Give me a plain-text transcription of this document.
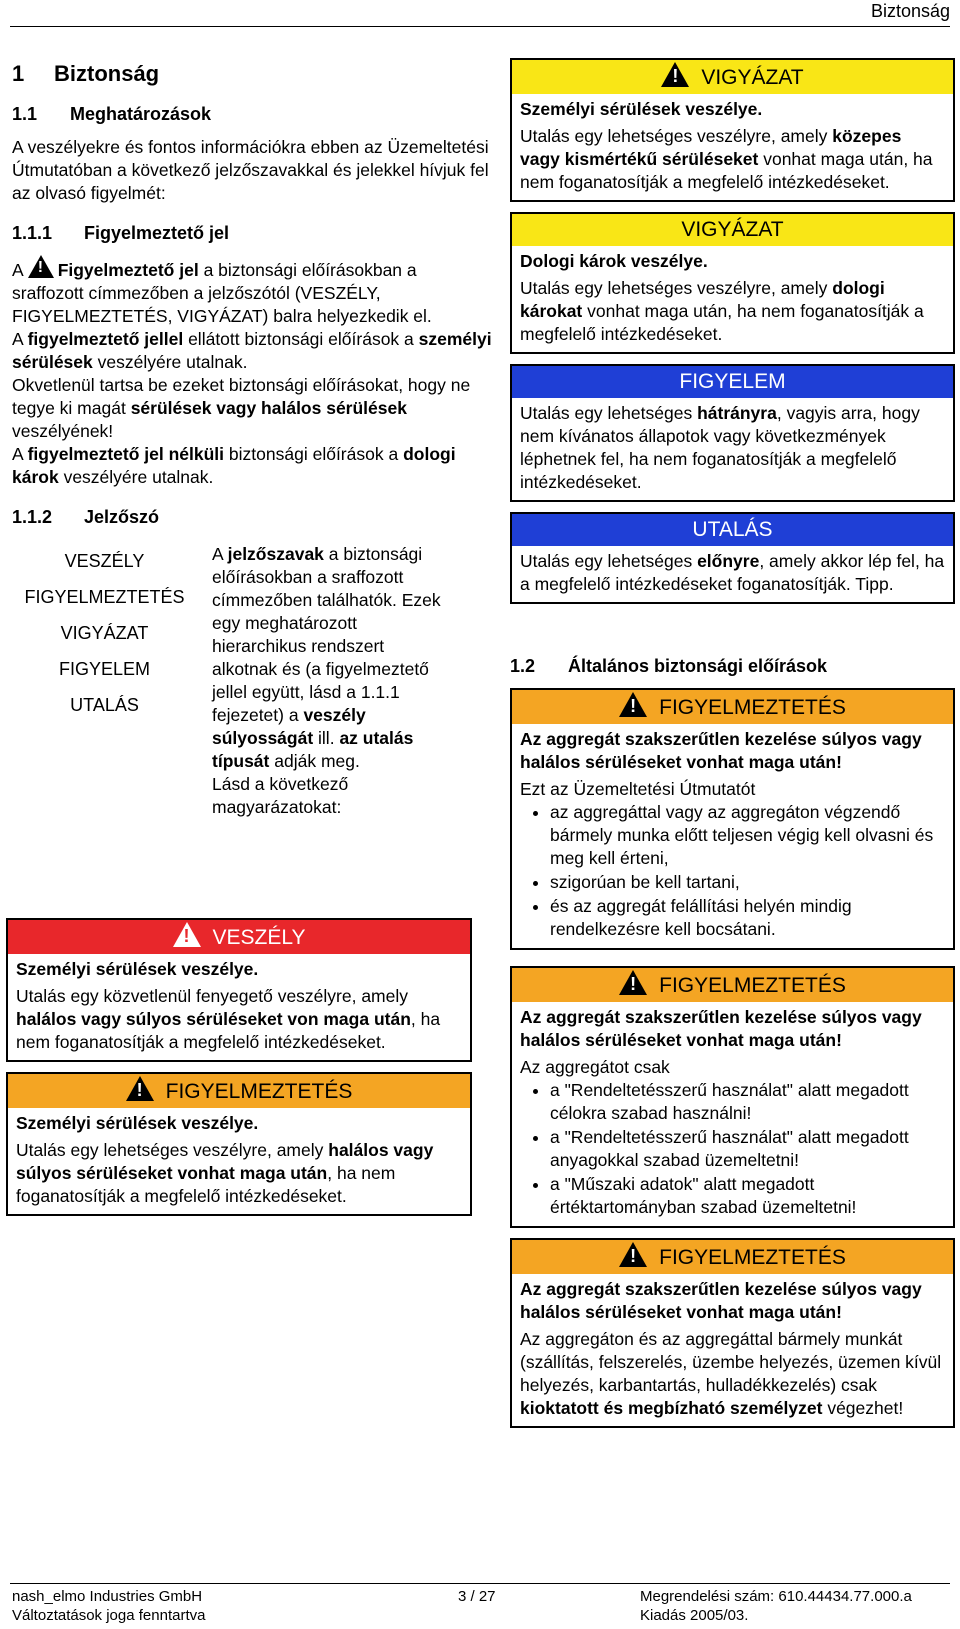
Biztonság
1 Biztonság
1.1 Meghatározások

A veszélyekre és fontos információkra ebben az Üzemeltetési Útmutatóban a következő jelzőszavakkal és jelekkel hívjuk fel az olvasó figyelmét:

1.1.1 Figyelmeztető jel

A! Figyelmeztető jel a biztonsági előírásokban a sraffozott címmezőben a jelzőszótól (VESZÉLY, FIGYELMEZTETÉS, VIGYÁZAT) balra helyezkedik el.

A figyelmeztető jellel ellátott biztonsági előírások a személyi sérülések veszélyére utalnak.

Okvetlenül tartsa be ezeket biztonsági előírásokat, hogy ne tegye ki magát sérülések vagy halálos sérülések veszélyének!

A figyelmeztető jel nélküli biztonsági előírások a dologi károk veszélyére utalnak.

1.1.2 Jelzőszó
VESZÉLY
FIGYELMEZTETÉS
VIGYÁZAT
FIGYELEM
UTALÁS
A jelzőszavak a biztonsági előírásokban a sraffozott címmezőben találhatók. Ezek egy meghatározott hierarchikus rendszert alkotnak és (a figyelmeztető jellel együtt, lásd a 1.1.1 fejezetet) a veszély súlyosságát ill. az utalás típusát adják meg.
Lásd a következő magyarázatokat:
!VESZÉLY
Személyi sérülések veszélye.

Utalás egy közvetlenül fenyegető veszélyre, amely halálos vagy súlyos sérüléseket von maga után, ha nem foganatosítják a megfelelő intézkedéseket.

!FIGYELMEZTETÉS
Személyi sérülések veszélye.

Utalás egy lehetséges veszélyre, amely halálos vagy súlyos sérüléseket vonhat maga után, ha nem foganatosítják a megfelelő intézkedéseket.

!VIGYÁZAT
Személyi sérülések veszélye.

Utalás egy lehetséges veszélyre, amely közepes vagy kismértékű sérüléseket vonhat maga után, ha nem foganatosítják a megfelelő intézkedéseket.

VIGYÁZAT
Dologi károk veszélye.

Utalás egy lehetséges veszélyre, amely dologi károkat vonhat maga után, ha nem foganatosítják a megfelelő intézkedéseket.

FIGYELEM

Utalás egy lehetséges hátrányra, vagyis arra, hogy nem kívánatos állapotok vagy következmények léphetnek fel, ha nem foganatosítják a megfelelő intézkedéseket.

UTALÁS

Utalás egy lehetséges előnyre, amely akkor lép fel, ha a megfelelő intézkedéseket foganatosítják. Tipp.

1.2 Általános biztonsági előírások
!FIGYELMEZTETÉS
Az aggregát szakszerűtlen kezelése súlyos vagy halálos sérüléseket vonhat maga után!

Ezt az Üzemeltetési Útmutatót

• az aggregáttal vagy az aggregáton végzendő bármely munka előtt teljesen végig kell olvasni és meg kell érteni,
• szigorúan be kell tartani,
• és az aggregát felállítási helyén mindig rendelkezésre kell bocsátani.
!FIGYELMEZTETÉS
Az aggregát szakszerűtlen kezelése súlyos vagy halálos sérüléseket vonhat maga után!

Az aggregátot csak

• a "Rendeltetésszerű használat" alatt megadott célokra szabad használni!
• a "Rendeltetésszerű használat" alatt megadott anyagokkal szabad üzemeltetni!
• a "Műszaki adatok" alatt megadott értéktartományban szabad üzemeltetni!
!FIGYELMEZTETÉS
Az aggregát szakszerűtlen kezelése súlyos vagy halálos sérüléseket vonhat maga után!

Az aggregáton és az aggregáttal bármely munkát (szállítás, felszerelés, üzembe helyezés, üzemen kívül helyezés, karbantartás, hulladékkezelés) csak kioktatott és megbízható személyzet végezhet!

nash_elmo Industries GmbH
Változtatások joga fenntartva
3 / 27	Megrendelési szám: 610.44434.77.000.a
Kiadás 2005/03.
